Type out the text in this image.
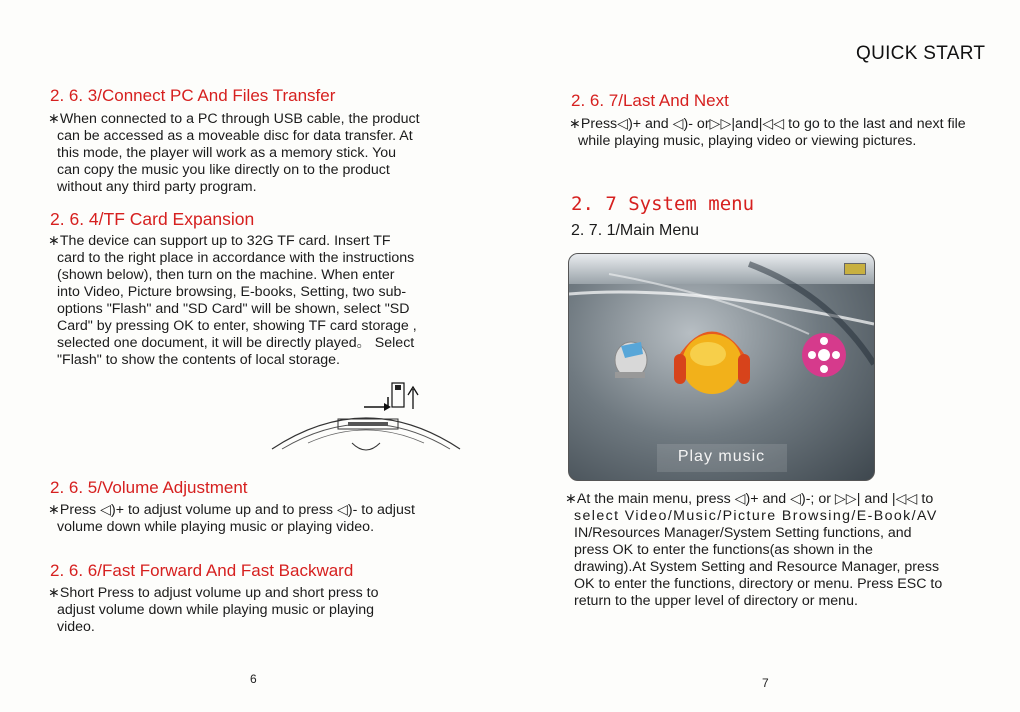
QUICK START
2. 6. 3/Connect PC And Files Transfer
∗When connected to a PC through USB cable, the product
can be accessed as a moveable disc for data transfer. At
this mode, the player will work as a memory stick. You
can copy the music you like directly on to the product
without any third party program.
2. 6. 4/TF Card Expansion
∗The device can support up to 32G TF card. Insert TF
card to the right place in accordance with the instructions
(shown below), then turn on the machine. When enter
into Video, Picture browsing, E-books, Setting, two sub-
options "Flash" and "SD Card" will be shown, select "SD
Card" by pressing OK to enter, showing TF card storage ,
selected one document, it will be directly played。 Select
"Flash" to show the contents of local storage.
2. 6. 5/Volume Adjustment
∗Press ◁)+ to adjust volume up and to press ◁)- to adjust
volume down while playing music or playing video.
2. 6. 6/Fast Forward And Fast Backward
∗Short Press to adjust volume up and short press to
adjust volume down while playing music or playing
video.
6
2. 6. 7/Last And Next
∗Press◁)+ and ◁)- or▷▷|and|◁◁ to go to the last and next file
while playing music, playing video or viewing pictures.
2. 7 System menu
2. 7. 1/Main Menu
Play music
∗At the main menu, press ◁)+ and ◁)-; or ▷▷| and |◁◁ to
select Video/Music/Picture Browsing/E-Book/AV
IN/Resources Manager/System Setting functions, and
press OK to enter the functions(as shown in the
drawing).At System Setting and Resource Manager, press
OK to enter the functions, directory or menu. Press ESC to
return to the upper level of directory or menu.
7
